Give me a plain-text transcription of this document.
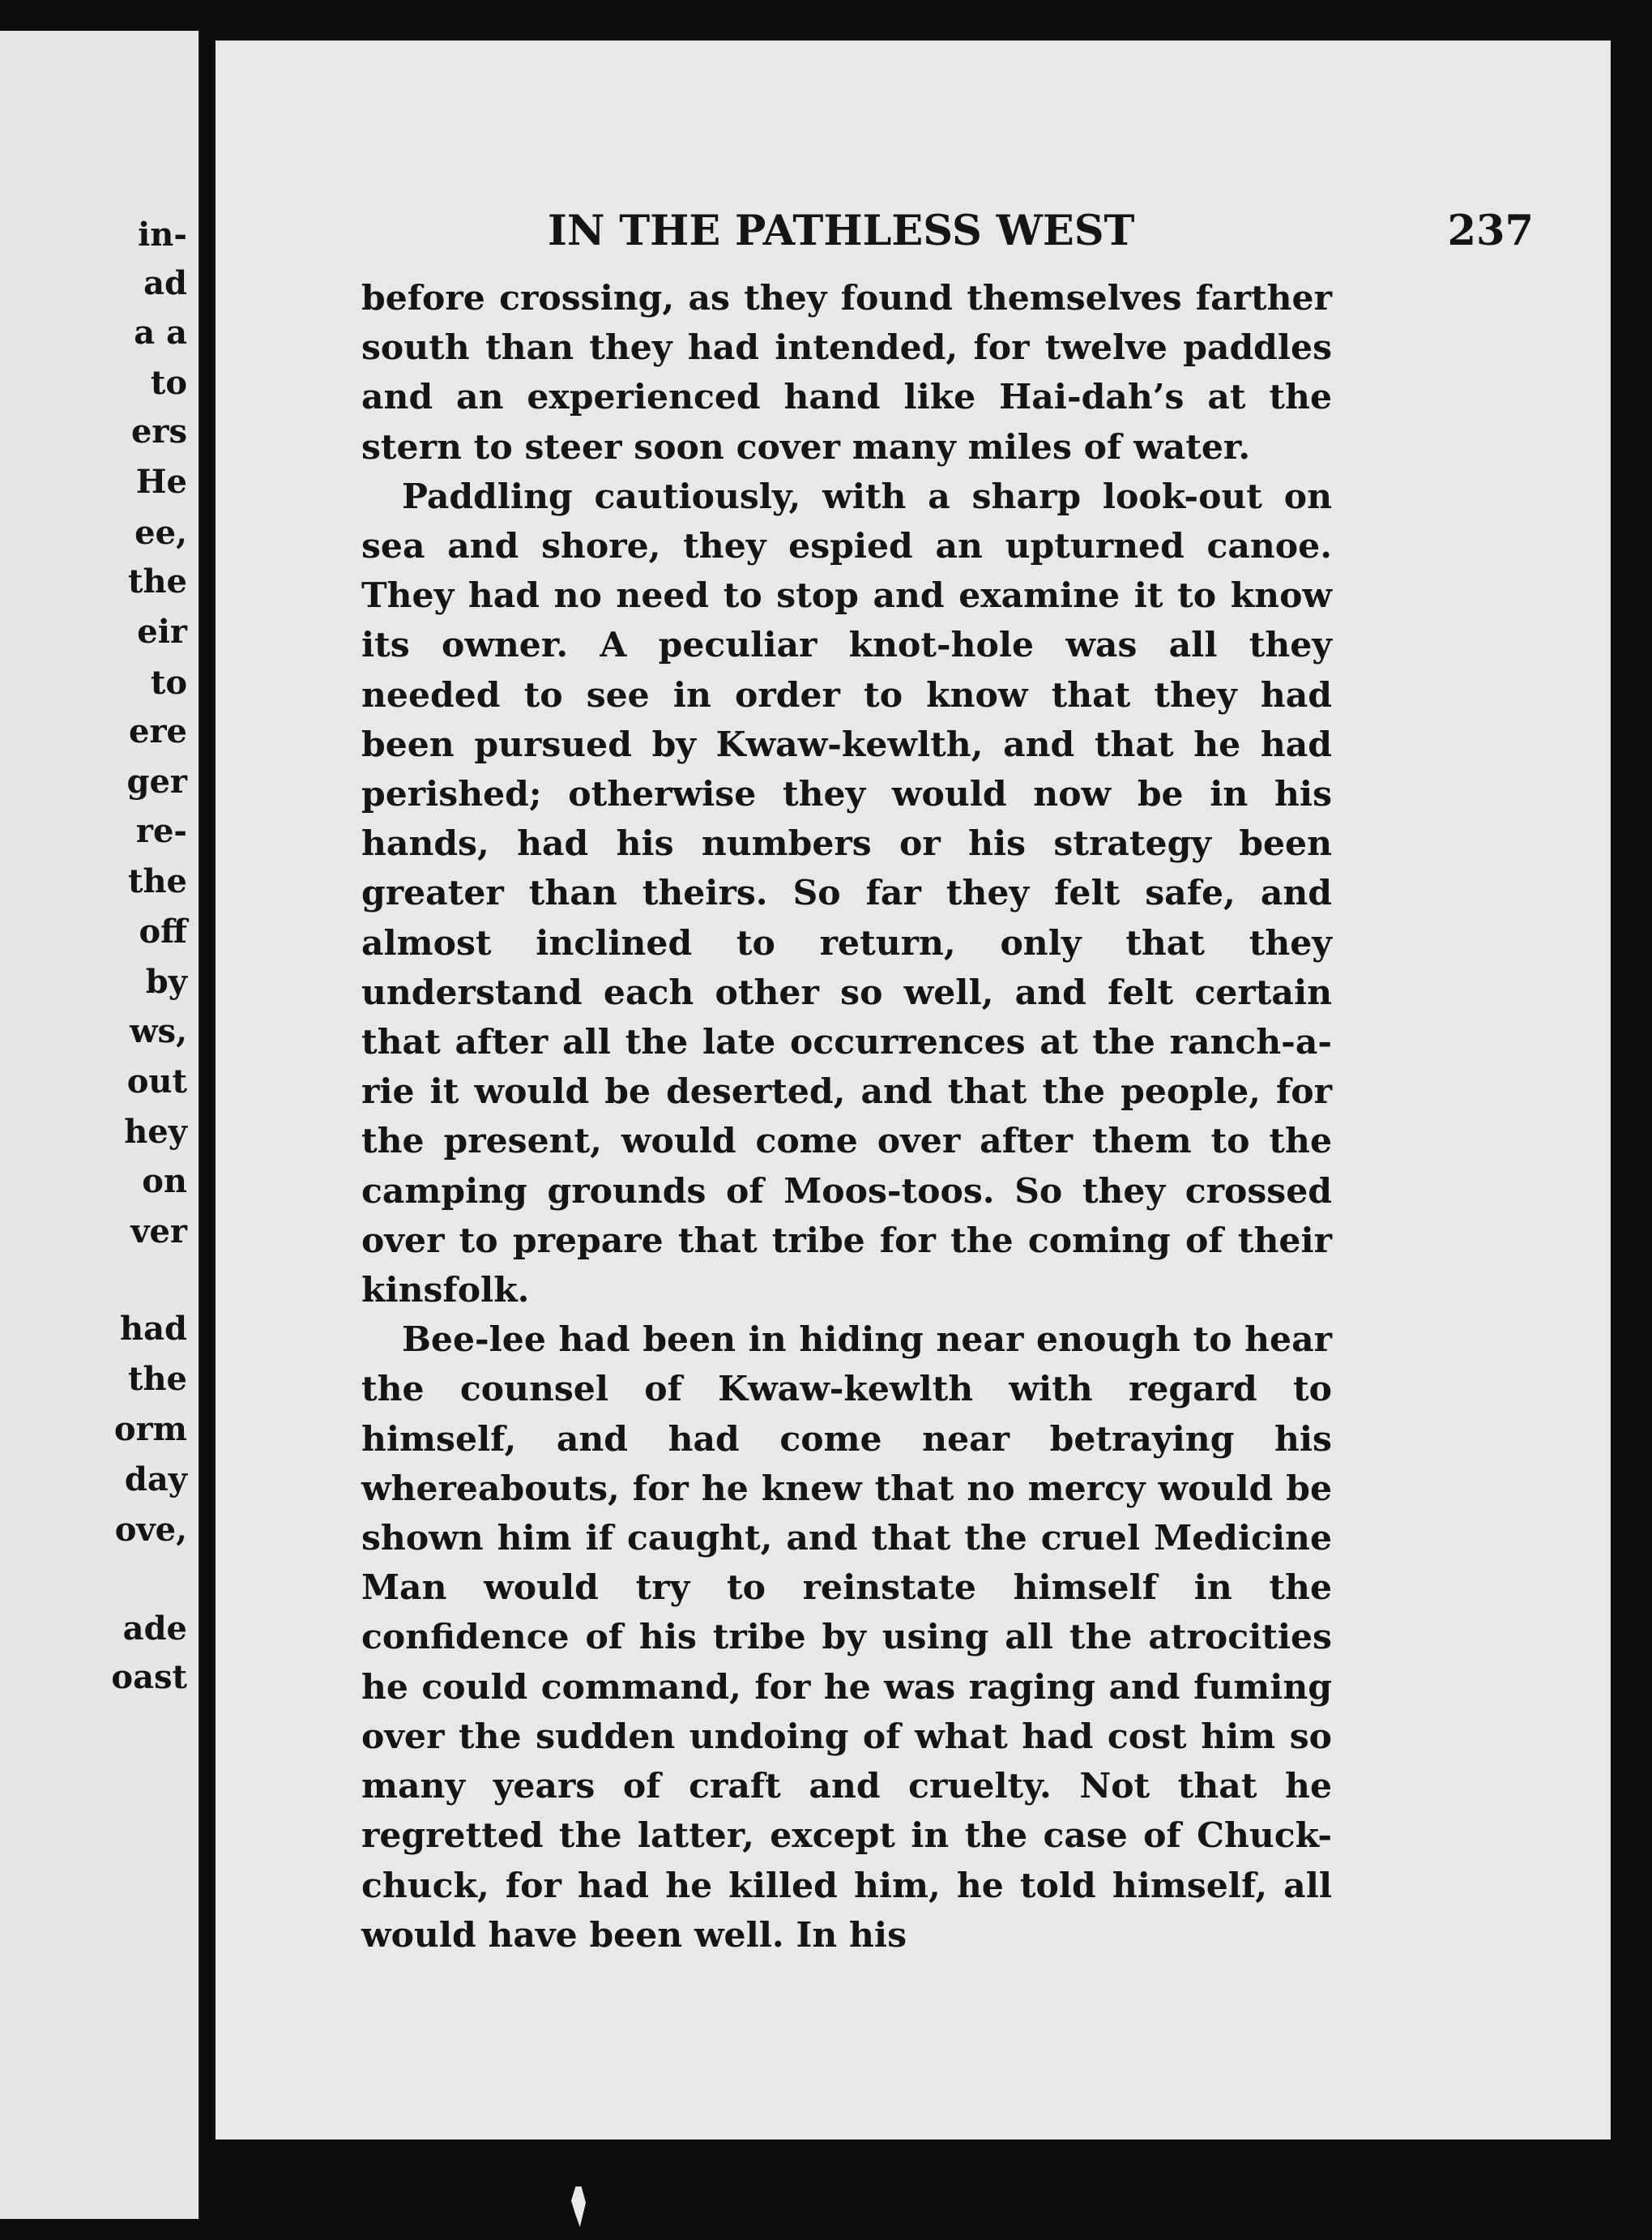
in-
ad
a a
to
ers
He
ee,
the
eir
to
ere
ger
re-
the
off
by
ws,
out
hey
on
ver
had
the
orm
day
ove,
ade
oast
IN THE PATHLESS WEST	237

before crossing, as they found themselves farther south than they had intended, for twelve paddles and an experienced hand like Hai-dah’s at the stern to steer soon cover many miles of water.

Paddling cautiously, with a sharp look-out on sea and shore, they espied an upturned canoe. They had no need to stop and examine it to know its owner. A peculiar knot-hole was all they needed to see in order to know that they had been pursued by Kwaw-kewlth, and that he had perished; otherwise they would now be in his hands, had his numbers or his strategy been greater than theirs. So far they felt safe, and almost inclined to return, only that they understand each other so well, and felt certain that after all the late occurrences at the ranch-a-rie it would be deserted, and that the people, for the present, would come over after them to the camping grounds of Moos-toos. So they crossed over to prepare that tribe for the coming of their kinsfolk.

Bee-lee had been in hiding near enough to hear the counsel of Kwaw-kewlth with regard to himself, and had come near betraying his whereabouts, for he knew that no mercy would be shown him if caught, and that the cruel Medicine Man would try to reinstate himself in the confidence of his tribe by using all the atrocities he could command, for he was raging and fuming over the sudden undoing of what had cost him so many years of craft and cruelty. Not that he regretted the latter, except in the case of Chuck-chuck, for had he killed him, he told himself, all would have been well. In his
